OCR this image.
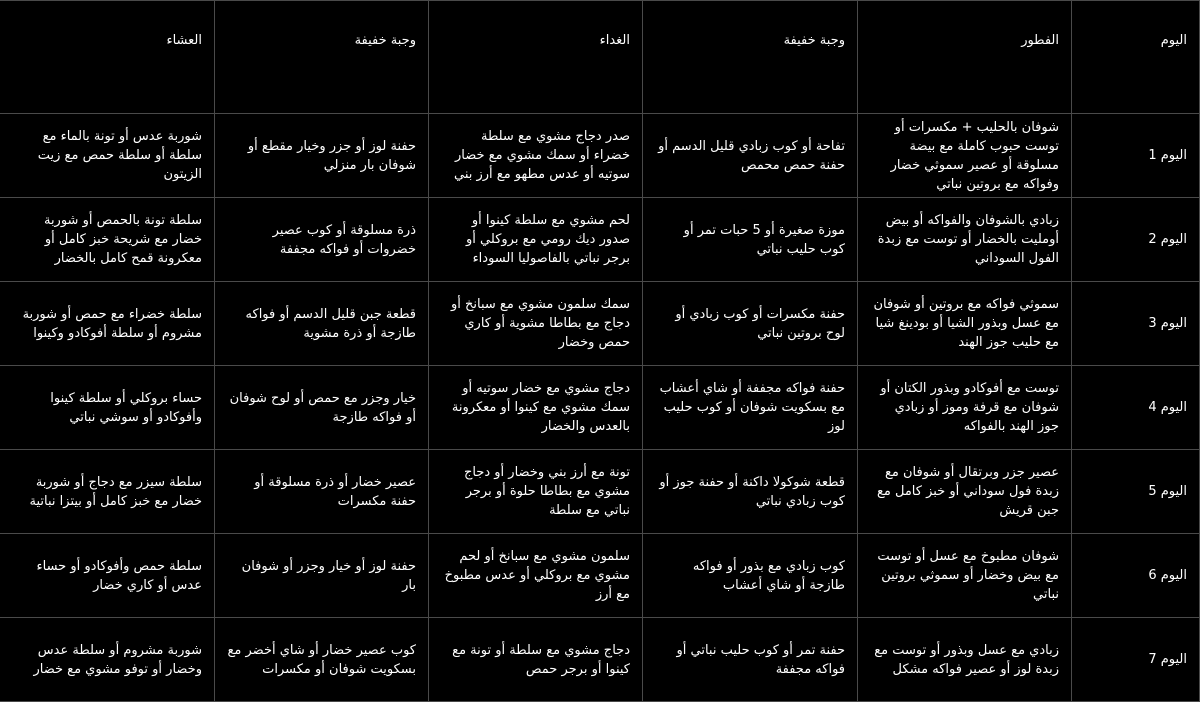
اليوم	الفطور	وجبة خفيفة	الغداء	وجبة خفيفة	العشاء
اليوم 1	شوفان بالحليب + مكسرات أو توست حبوب كاملة مع بيضة مسلوقة أو عصير سموثي خضار وفواكه مع بروتين نباتي	تفاحة أو كوب زبادي قليل الدسم أو حفنة حمص محمص	صدر دجاج مشوي مع سلطة خضراء أو سمك مشوي مع خضار سوتيه أو عدس مطهو مع أرز بني	حفنة لوز أو جزر وخيار مقطع أو شوفان بار منزلي	شوربة عدس أو تونة بالماء مع سلطة أو سلطة حمص مع زيت الزيتون
اليوم 2	زبادي بالشوفان والفواكه أو بيض أومليت بالخضار أو توست مع زبدة الفول السوداني	موزة صغيرة أو 5 حبات تمر أو كوب حليب نباتي	لحم مشوي مع سلطة كينوا أو صدور ديك رومي مع بروكلي أو برجر نباتي بالفاصوليا السوداء	ذرة مسلوقة أو كوب عصير خضروات أو فواكه مجففة	سلطة تونة بالحمص أو شوربة خضار مع شريحة خبز كامل أو معكرونة قمح كامل بالخضار
اليوم 3	سموثي فواكه مع بروتين أو شوفان مع عسل وبذور الشيا أو بودينغ شيا مع حليب جوز الهند	حفنة مكسرات أو كوب زبادي أو لوح بروتين نباتي	سمك سلمون مشوي مع سبانخ أو دجاج مع بطاطا مشوية أو كاري حمص وخضار	قطعة جبن قليل الدسم أو فواكه طازجة أو ذرة مشوية	سلطة خضراء مع حمص أو شوربة مشروم أو سلطة أفوكادو وكينوا
اليوم 4	توست مع أفوكادو وبذور الكتان أو شوفان مع قرفة وموز أو زبادي جوز الهند بالفواكه	حفنة فواكه مجففة أو شاي أعشاب مع بسكويت شوفان أو كوب حليب لوز	دجاج مشوي مع خضار سوتيه أو سمك مشوي مع كينوا أو معكرونة بالعدس والخضار	خيار وجزر مع حمص أو لوح شوفان أو فواكه طازجة	حساء بروكلي أو سلطة كينوا وأفوكادو أو سوشي نباتي
اليوم 5	عصير جزر وبرتقال أو شوفان مع زبدة فول سوداني أو خبز كامل مع جبن قريش	قطعة شوكولا داكنة أو حفنة جوز أو كوب زبادي نباتي	تونة مع أرز بني وخضار أو دجاج مشوي مع بطاطا حلوة أو برجر نباتي مع سلطة	عصير خضار أو ذرة مسلوقة أو حفنة مكسرات	سلطة سيزر مع دجاج أو شوربة خضار مع خبز كامل أو بيتزا نباتية
اليوم 6	شوفان مطبوخ مع عسل أو توست مع بيض وخضار أو سموثي بروتين نباتي	كوب زبادي مع بذور أو فواكه طازجة أو شاي أعشاب	سلمون مشوي مع سبانخ أو لحم مشوي مع بروكلي أو عدس مطبوخ مع أرز	حفنة لوز أو خيار وجزر أو شوفان بار	سلطة حمص وأفوكادو أو حساء عدس أو كاري خضار
اليوم 7	زبادي مع عسل وبذور أو توست مع زبدة لوز أو عصير فواكه مشكل	حفنة تمر أو كوب حليب نباتي أو فواكه مجففة	دجاج مشوي مع سلطة أو تونة مع كينوا أو برجر حمص	كوب عصير خضار أو شاي أخضر مع بسكويت شوفان أو مكسرات	شوربة مشروم أو سلطة عدس وخضار أو توفو مشوي مع خضار
